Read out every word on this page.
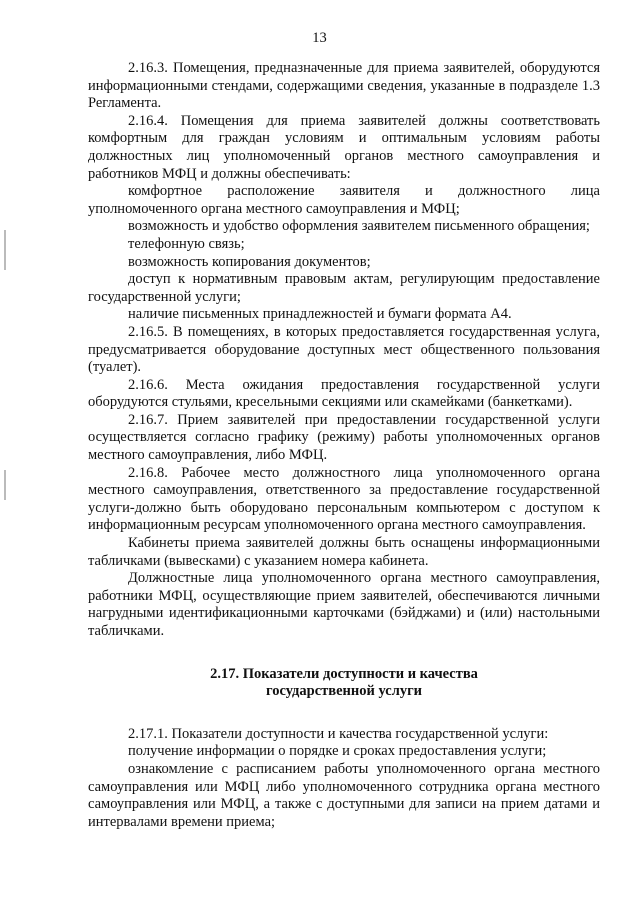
13

2.16.3. Помещения, предназначенные для приема заявителей, оборудуются информационными стендами, содержащими сведения, указанные в подразделе 1.3 Регламента.

2.16.4. Помещения для приема заявителей должны соответствовать комфортным для граждан условиям и оптимальным условиям работы должностных лиц уполномоченный органов местного самоуправления и работников МФЦ и должны обеспечивать:

комфортное расположение заявителя и должностного лица уполномоченного органа местного самоуправления и МФЦ;

возможность и удобство оформления заявителем письменного обращения;

телефонную связь;

возможность копирования документов;

доступ к нормативным правовым актам, регулирующим предоставление государственной услуги;

наличие письменных принадлежностей и бумаги формата А4.

2.16.5. В помещениях, в которых предоставляется государственная услуга, предусматривается оборудование доступных мест общественного пользования (туалет).

2.16.6. Места ожидания предоставления государственной услуги оборудуются стульями, кресельными секциями или скамейками (банкетками).

2.16.7. Прием заявителей при предоставлении государственной услуги осуществляется согласно графику (режиму) работы уполномоченных органов местного самоуправления, либо МФЦ.

2.16.8. Рабочее место должностного лица уполномоченного органа местного самоуправления, ответственного за предоставление государственной услуги-должно быть оборудовано персональным компьютером с доступом к информационным ресурсам уполномоченного органа местного самоуправления.

Кабинеты приема заявителей должны быть оснащены информационными табличками (вывесками) с указанием номера кабинета.

Должностные лица уполномоченного органа местного самоуправления, работники МФЦ, осуществляющие прием заявителей, обеспечиваются личными нагрудными идентификационными карточками (бэйджами) и (или) настольными табличками.

2.17. Показатели доступности и качества
государственной услуги

2.17.1. Показатели доступности и качества государственной услуги:

получение информации о порядке и сроках предоставления услуги;

ознакомление с расписанием работы уполномоченного органа местного самоуправления или МФЦ либо уполномоченного сотрудника органа местного самоуправления или МФЦ, а также с доступными для записи на прием датами и интервалами времени приема;
